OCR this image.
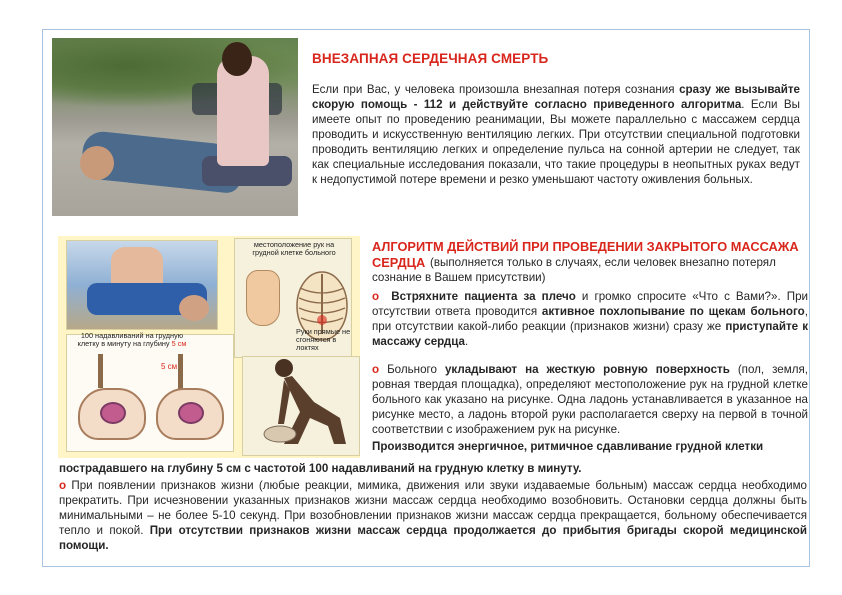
ВНЕЗАПНАЯ СЕРДЕЧНАЯ СМЕРТЬ
Если при Вас, у человека произошла внезапная потеря сознания сразу же вызывайте скорую помощь - 112 и действуйте согласно приведенного алгоритма. Если Вы имеете опыт по проведению реанимации, Вы можете параллельно с массажем сердца проводить и искусственную вентиляцию легких. При отсутствии специальной подготовки проводить вентиляцию легких и определение пульса на сонной артерии не следует, так как специальные исследования показали, что такие процедуры в неопытных руках ведут к недопустимой потере времени и резко уменьшают частоту оживления больных.
местоположение рук на грудной клетке больного
100 надавливаний на грудную клетку в минуту на глубину 5 см
5 см
Руки прямые не сгоняются в локтях
АЛГОРИТМ ДЕЙСТВИЙ ПРИ ПРОВЕДЕНИИ ЗАКРЫТОГО МАССАЖА
СЕРДЦА (выполняется только в случаях, если человек внезапно потерял
сознание в Вашем присутствии)
o Встряхните пациента за плечо и громко спросите «Что с Вами?». При отсутствии ответа проводится активное похлопывание по щекам больного, при отсутствии какой-либо реакции (признаков жизни) сразу же приступайте к массажу сердца.
o Больного укладывают на жесткую ровную поверхность (пол, земля, ровная твердая площадка), определяют местоположение рук на грудной клетке больного как указано на рисунке. Одна ладонь устанавливается в указанное на рисунке место, а ладонь второй руки располагается сверху на первой в точной соответствии с изображением рук на рисунке.
Производится энергичное, ритмичное сдавливание грудной клетки
пострадавшего на глубину 5 см с частотой 100 надавливаний на грудную клетку в минуту.
o При появлении признаков жизни (любые реакции, мимика, движения или звуки издаваемые больным) массаж сердца необходимо прекратить. При исчезновении указанных признаков жизни массаж сердца необходимо возобновить. Остановки сердца должны быть минимальными – не более 5-10 секунд. При возобновлении признаков жизни массаж сердца прекращается, больному обеспечивается тепло и покой. При отсутствии признаков жизни массаж сердца продолжается до прибытия бригады скорой медицинской помощи.
